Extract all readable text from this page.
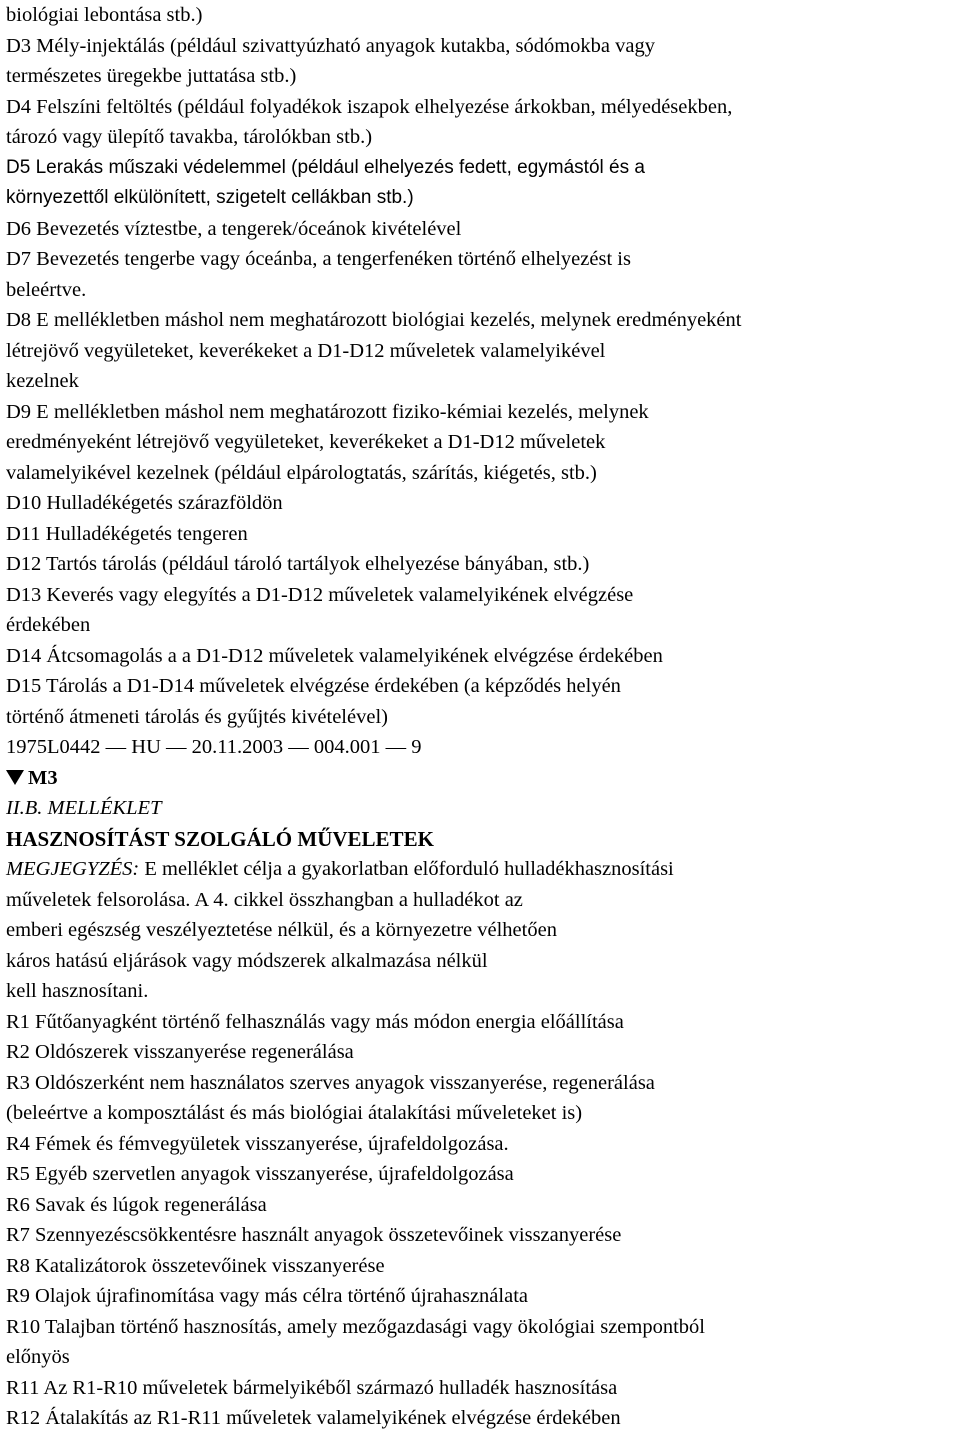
biológiai lebontása stb.)
D3 Mély-injektálás (például szivattyúzható anyagok kutakba, sódómokba vagy
természetes üregekbe juttatása stb.)
D4 Felszíni feltöltés (például folyadékok iszapok elhelyezése árkokban, mélyedésekben,
tározó vagy ülepítő tavakba, tárolókban stb.)
D5 Lerakás műszaki védelemmel (például elhelyezés fedett, egymástól és a
környezettől elkülönített, szigetelt cellákban stb.)
D6 Bevezetés víztestbe, a tengerek/óceánok kivételével
D7 Bevezetés tengerbe vagy óceánba, a tengerfenéken történő elhelyezést is
beleértve.
D8 E mellékletben máshol nem meghatározott biológiai kezelés, melynek eredményeként
létrejövő vegyületeket, keverékeket a D1-D12 műveletek valamelyikével
kezelnek
D9 E mellékletben máshol nem meghatározott fiziko-kémiai kezelés, melynek
eredményeként létrejövő vegyületeket, keverékeket a D1-D12 műveletek
valamelyikével kezelnek (például elpárologtatás, szárítás, kiégetés, stb.)
D10 Hulladékégetés szárazföldön
D11 Hulladékégetés tengeren
D12 Tartós tárolás (például tároló tartályok elhelyezése bányában, stb.)
D13 Keverés vagy elegyítés a D1-D12 műveletek valamelyikének elvégzése
érdekében
D14 Átcsomagolás a a D1-D12 műveletek valamelyikének elvégzése érdekében
D15 Tárolás a D1-D14 műveletek elvégzése érdekében (a képződés helyén
történő átmeneti tárolás és gyűjtés kivételével)
1975L0442 — HU — 20.11.2003 — 004.001 — 9
M3
II.B. MELLÉKLET
HASZNOSÍTÁST SZOLGÁLÓ MŰVELETEK
MEGJEGYZÉS: E melléklet célja a gyakorlatban előforduló hulladékhasznosítási
műveletek felsorolása. A 4. cikkel összhangban a hulladékot az
emberi egészség veszélyeztetése nélkül, és a környezetre vélhetően
káros hatású eljárások vagy módszerek alkalmazása nélkül
kell hasznosítani.
R1 Fűtőanyagként történő felhasználás vagy más módon energia előállítása
R2 Oldószerek visszanyerése regenerálása
R3 Oldószerként nem használatos szerves anyagok visszanyerése, regenerálása
(beleértve a komposztálást és más biológiai átalakítási műveleteket is)
R4 Fémek és fémvegyületek visszanyerése, újrafeldolgozása.
R5 Egyéb szervetlen anyagok visszanyerése, újrafeldolgozása
R6 Savak és lúgok regenerálása
R7 Szennyezéscsökkentésre használt anyagok összetevőinek visszanyerése
R8 Katalizátorok összetevőinek visszanyerése
R9 Olajok újrafinomítása vagy más célra történő újrahasználata
R10 Talajban történő hasznosítás, amely mezőgazdasági vagy ökológiai szempontból
előnyös
R11 Az R1-R10 műveletek bármelyikéből származó hulladék hasznosítása
R12 Átalakítás az R1-R11 műveletek valamelyikének elvégzése érdekében
